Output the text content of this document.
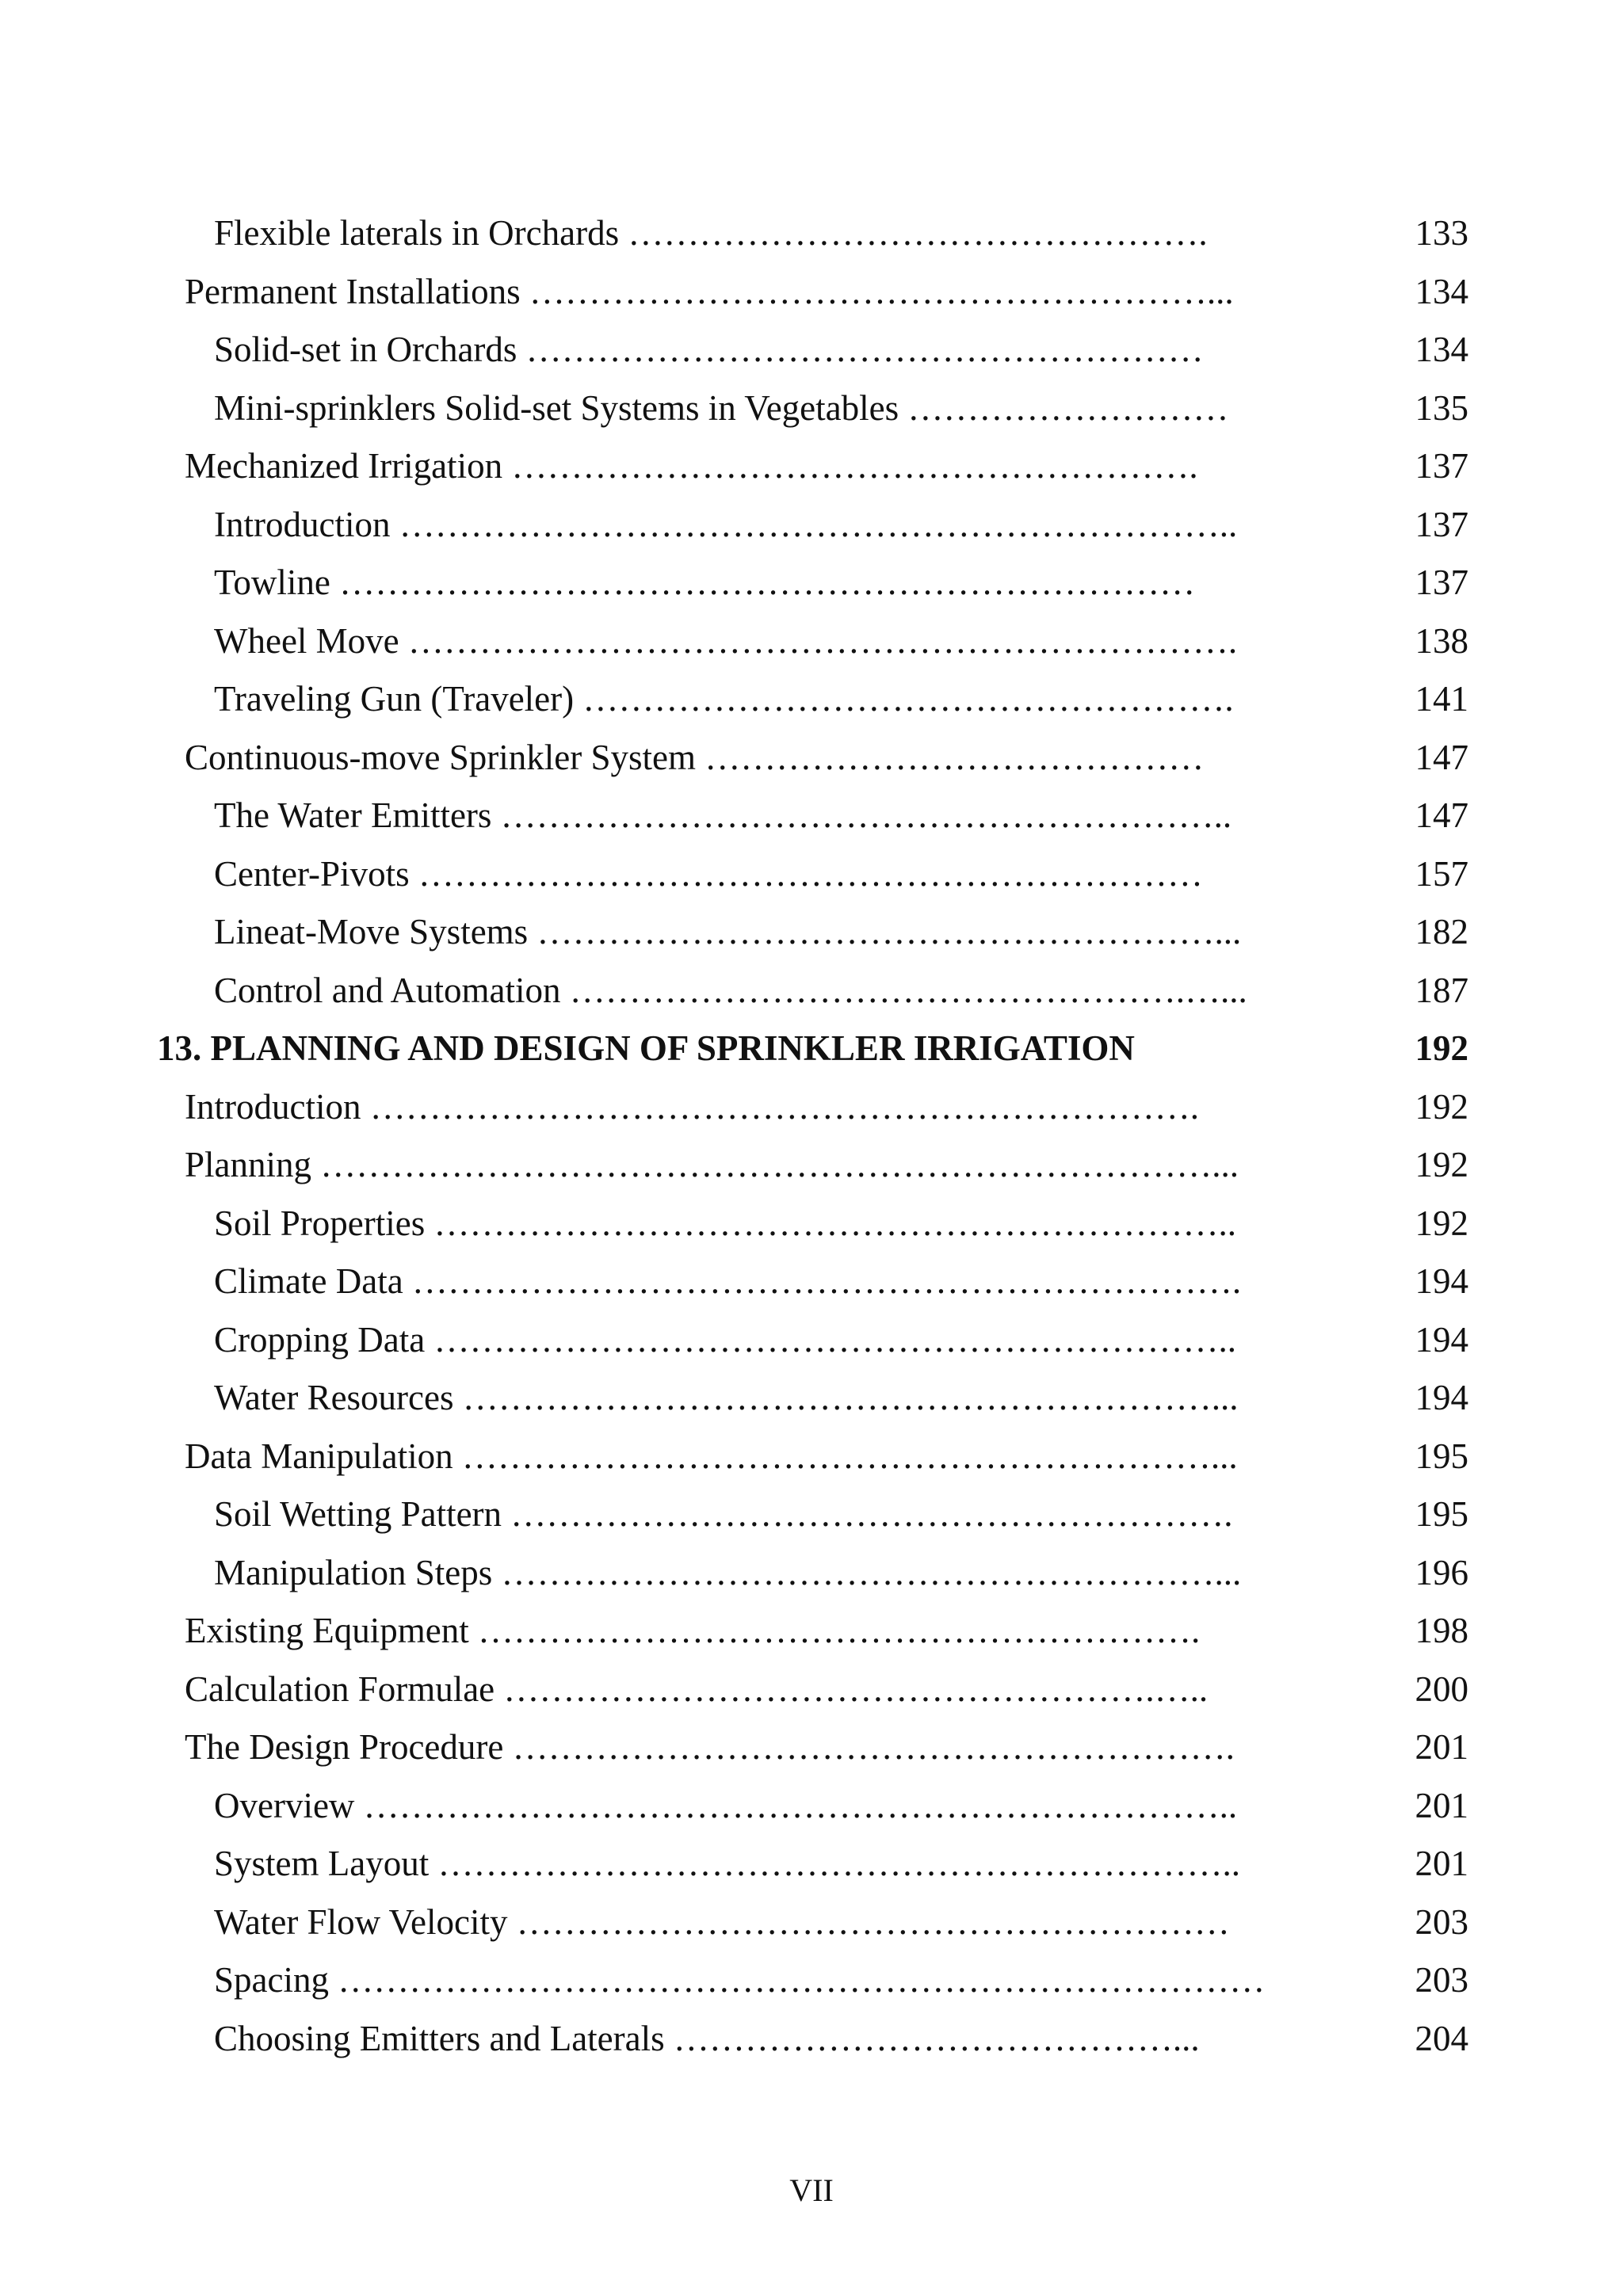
Flexible laterals in Orchards ………………………………………….	133
Permanent Installations …………………………………………………...	134
Solid-set in Orchards …………………………………………………	134
Mini-sprinklers Solid-set Systems in Vegetables ………………………	135
Mechanized Irrigation ………………………………………………….	137
Introduction ……………………………………………………………..	137
Towline ………………………………………………………………	137
Wheel Move …………………………………………………………….	138
Traveling Gun (Traveler) ……………………………………………….	141
Continuous-move Sprinkler System ……………………………………	147
The Water Emitters ……………………………………………………..	147
Center-Pivots …………………………………………………………	157
Lineat-Move Systems …………………………………………………...	182
Control and Automation …………………………………………….…...	187
13. PLANNING AND DESIGN OF SPRINKLER IRRIGATION	192
Introduction …………………………………………………………….	192
Planning …………………………………………………………………...	192
Soil Properties …………………………………………………………..	192
Climate Data …………………………………………………………….	194
Cropping Data …………………………………………………………..	194
Water Resources ………………………………………………………...	194
Data Manipulation ………………………………………………………...	195
Soil Wetting Pattern …………………………………………………….	195
Manipulation Steps ……………………………………………………...	196
Existing Equipment …………………………………………………….	198
Calculation Formulae ……………………………………………….…..	200
The Design Procedure …………………………………………………….	201
Overview ………………………………………………………………..	201
System Layout …………………………………………………………..	201
Water Flow Velocity ……………………………………………………	203
Spacing ……………………………………………………………………	203
Choosing Emitters and Laterals ……………………………………...	204
VII
